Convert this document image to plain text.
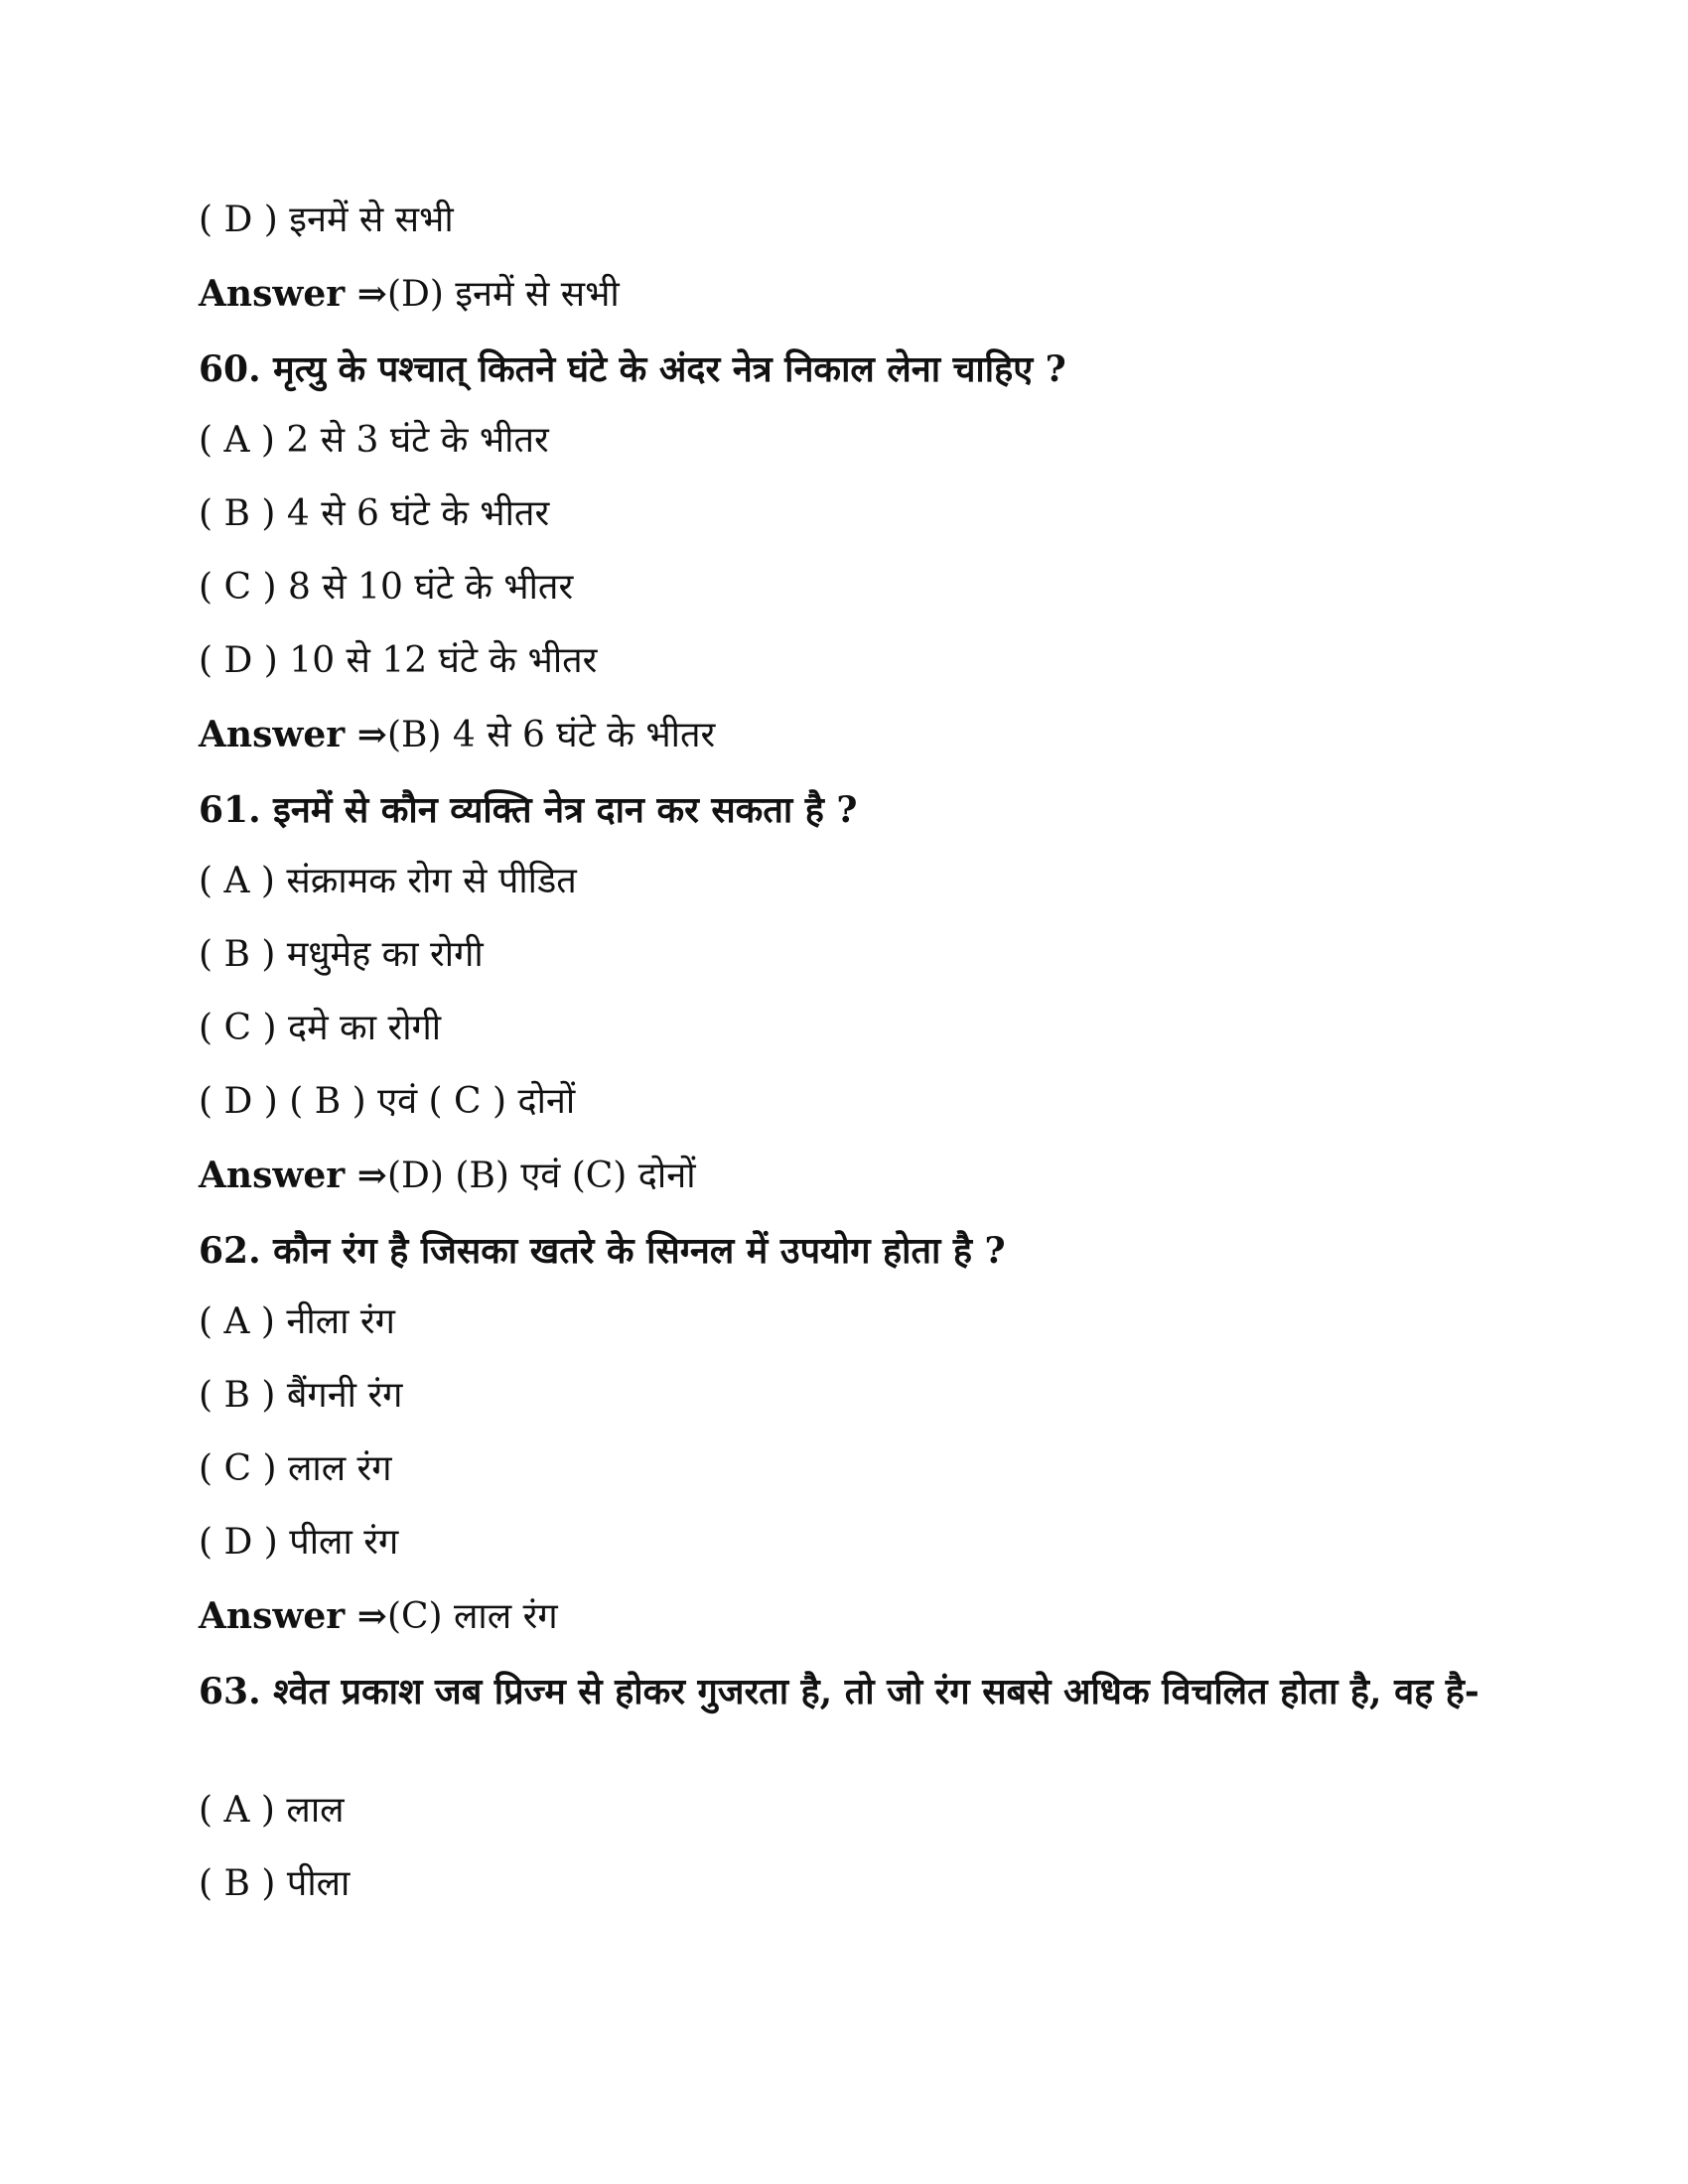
( D ) इनमें से सभी
Answer ⇒(D) इनमें से सभी
60. मृत्यु के पश्चात् कितने घंटे के अंदर नेत्र निकाल लेना चाहिए ?
( A ) 2 से 3 घंटे के भीतर
( B ) 4 से 6 घंटे के भीतर
( C ) 8 से 10 घंटे के भीतर
( D ) 10 से 12 घंटे के भीतर
Answer ⇒(B) 4 से 6 घंटे के भीतर
61. इनमें से कौन व्यक्ति नेत्र दान कर सकता है ?
( A ) संक्रामक रोग से पीडित
( B ) मधुमेह का रोगी
( C ) दमे का रोगी
( D ) ( B ) एवं ( C ) दोनों
Answer ⇒(D) (B) एवं (C) दोनों
62. कौन रंग है जिसका खतरे के सिग्नल में उपयोग होता है ?
( A ) नीला रंग
( B ) बैंगनी रंग
( C ) लाल रंग
( D ) पीला रंग
Answer ⇒(C) लाल रंग
63. श्वेत प्रकाश जब प्रिज्म से होकर गुजरता है, तो जो रंग सबसे अधिक विचलित होता है, वह है-
( A ) लाल
( B ) पीला
